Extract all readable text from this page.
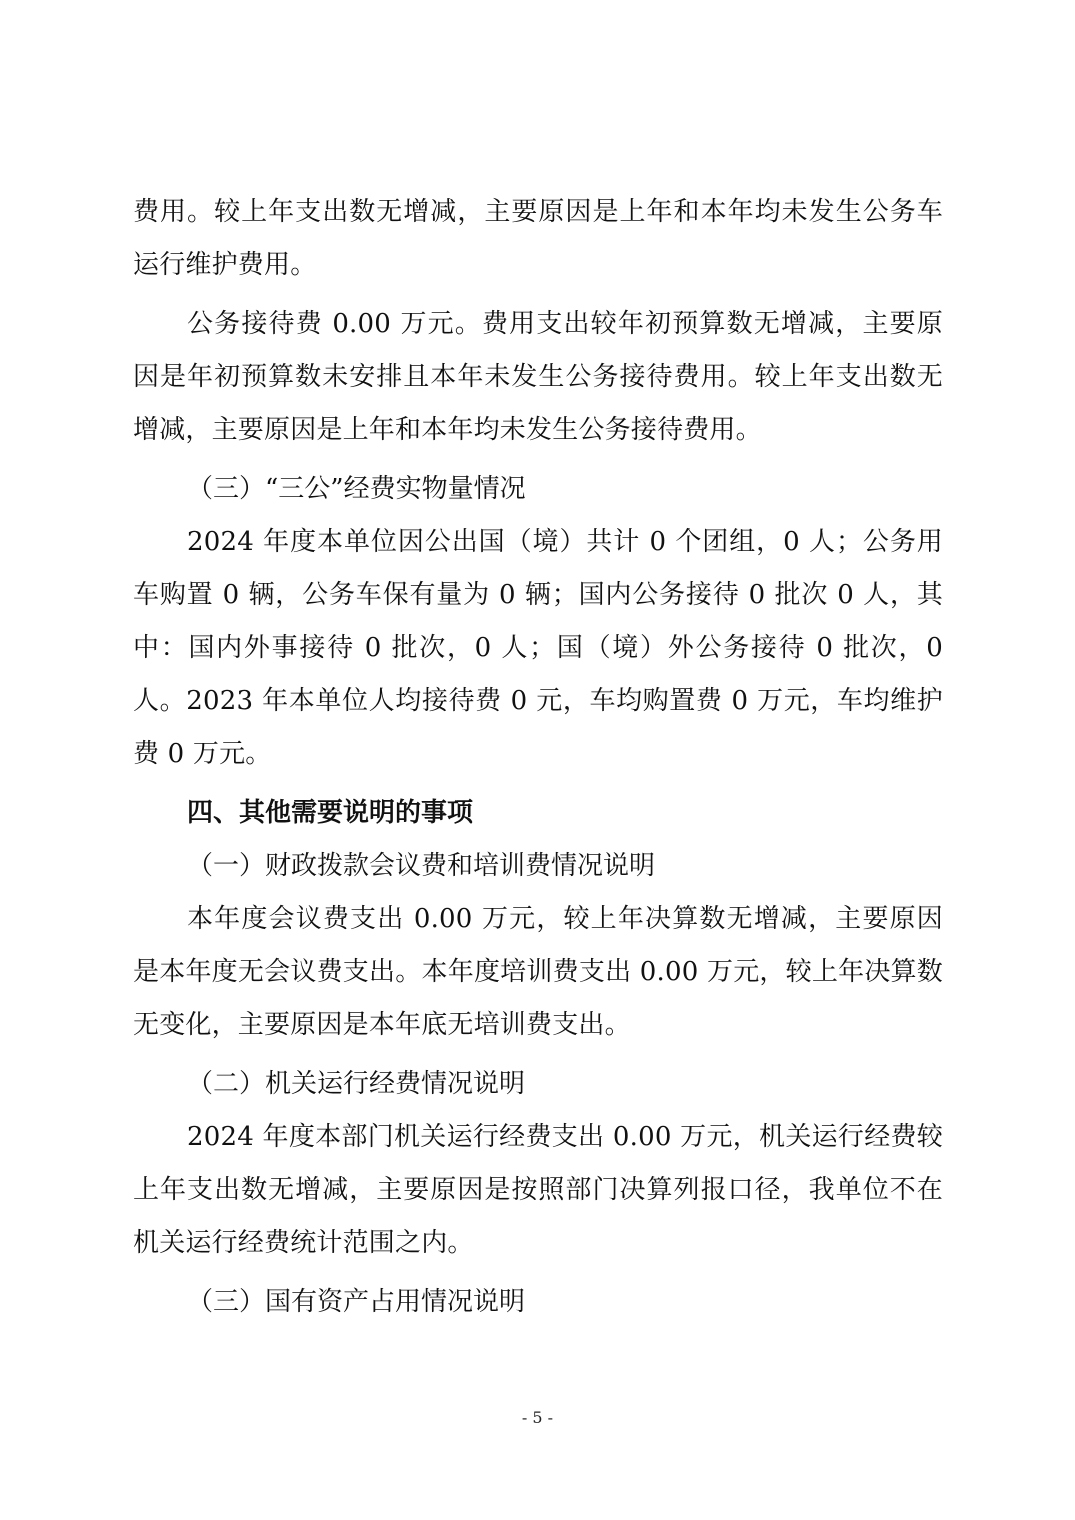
费用。较上年支出数无增减，主要原因是上年和本年均未发生公务车运行维护费用。

公务接待费 0.00 万元。费用支出较年初预算数无增减，主要原因是年初预算数未安排且本年未发生公务接待费用。较上年支出数无增减，主要原因是上年和本年均未发生公务接待费用。

（三）“三公”经费实物量情况

2024 年度本单位因公出国（境）共计 0 个团组，0 人；公务用车购置 0 辆，公务车保有量为 0 辆；国内公务接待 0 批次 0 人，其中：国内外事接待 0 批次，0 人；国（境）外公务接待 0 批次，0 人。2023 年本单位人均接待费 0 元，车均购置费 0 万元，车均维护费 0 万元。

四、其他需要说明的事项

（一）财政拨款会议费和培训费情况说明

本年度会议费支出 0.00 万元，较上年决算数无增减，主要原因是本年度无会议费支出。本年度培训费支出 0.00 万元，较上年决算数无变化，主要原因是本年底无培训费支出。

（二）机关运行经费情况说明

2024 年度本部门机关运行经费支出 0.00 万元，机关运行经费较上年支出数无增减，主要原因是按照部门决算列报口径，我单位不在机关运行经费统计范围之内。

（三）国有资产占用情况说明

- 5 -
